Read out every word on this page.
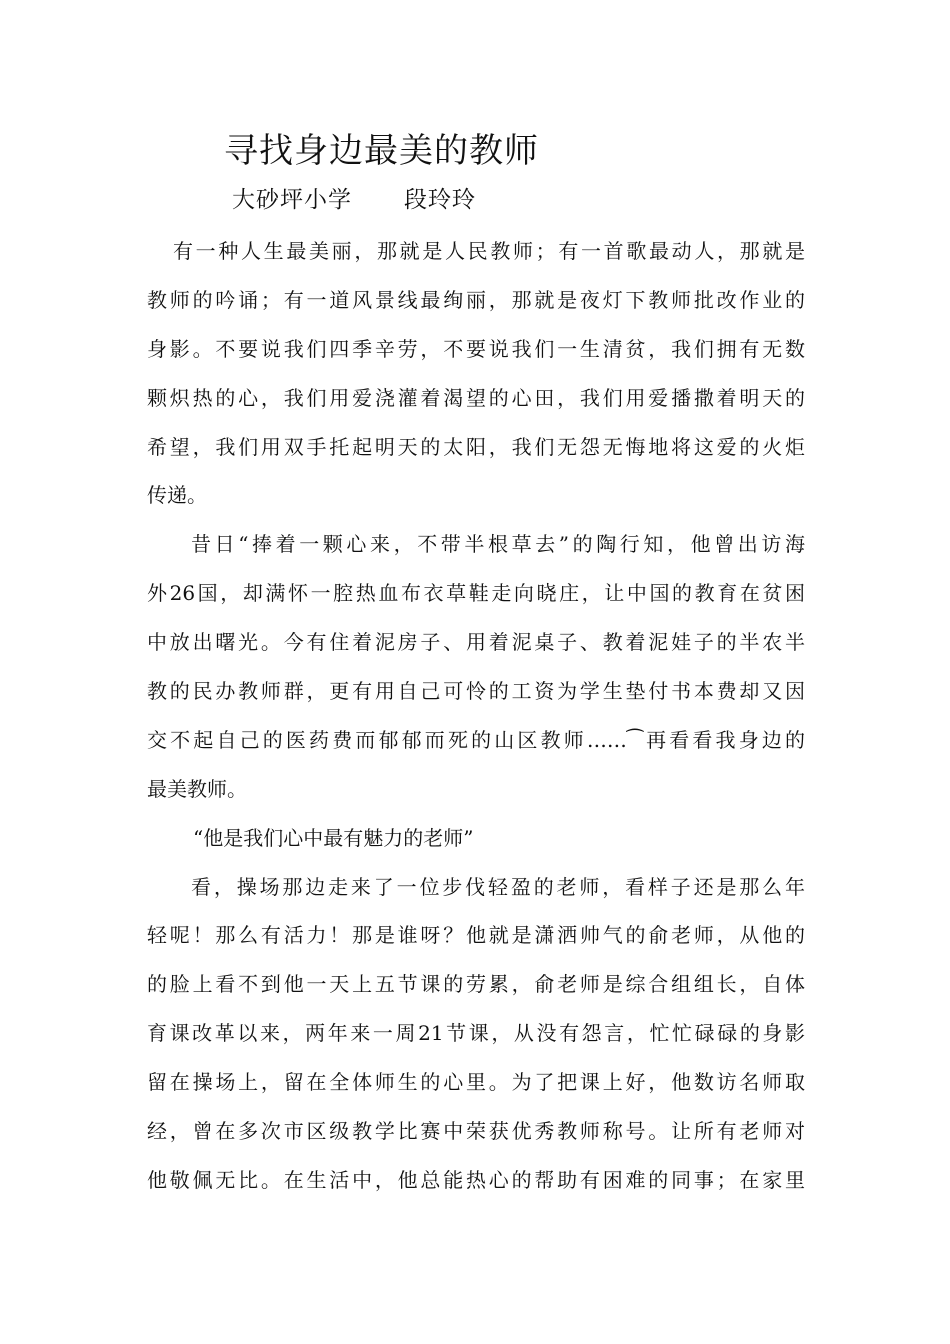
寻找身边最美的教师
大砂坪小学 段玲玲
有一种人生最美丽，那就是人民教师；有一首歌最动人，那就是
教师的吟诵；有一道风景线最绚丽，那就是夜灯下教师批改作业的
身影。不要说我们四季辛劳，不要说我们一生清贫，我们拥有无数
颗炽热的心，我们用爱浇灌着渴望的心田，我们用爱播撒着明天的
希望，我们用双手托起明天的太阳，我们无怨无悔地将这爱的火炬
传递。
昔日“捧着一颗心来，不带半根草去”的陶行知，他曾出访海
外26国，却满怀一腔热血布衣草鞋走向晓庄，让中国的教育在贫困
中放出曙光。今有住着泥房子、用着泥桌子、教着泥娃子的半农半
教的民办教师群，更有用自己可怜的工资为学生垫付书本费却又因
交不起自己的医药费而郁郁而死的山区教师……⁀再看看我身边的
最美教师。
“他是我们心中最有魅力的老师”
看，操场那边走来了一位步伐轻盈的老师，看样子还是那么年
轻呢！那么有活力！那是谁呀？他就是潇洒帅气的俞老师，从他的
的脸上看不到他一天上五节课的劳累，俞老师是综合组组长，自体
育课改革以来，两年来一周21节课，从没有怨言，忙忙碌碌的身影
留在操场上，留在全体师生的心里。为了把课上好，他数访名师取
经，曾在多次市区级教学比赛中荣获优秀教师称号。让所有老师对
他敬佩无比。在生活中，他总能热心的帮助有困难的同事；在家里
